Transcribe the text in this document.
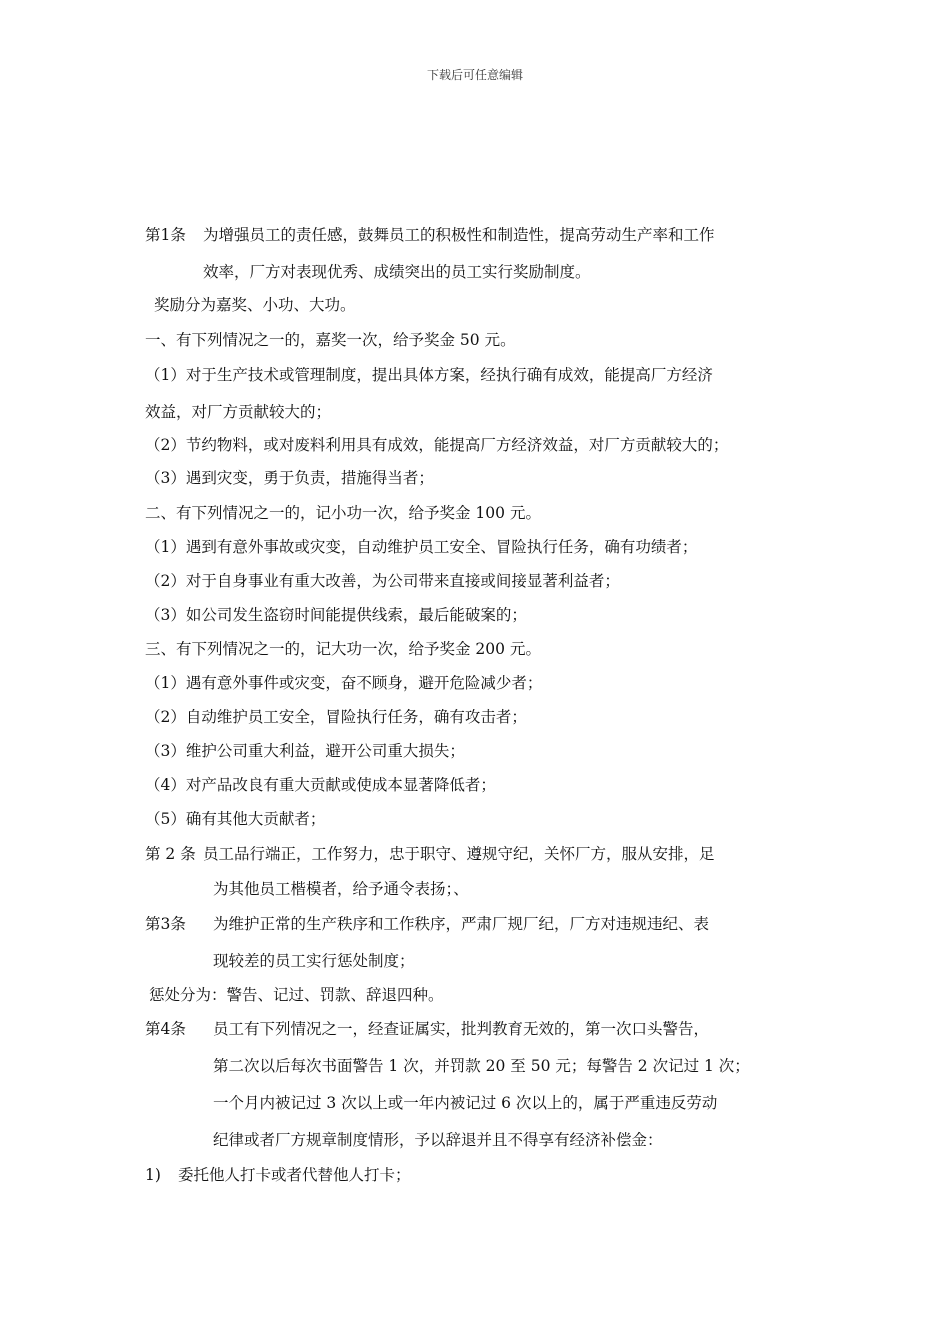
下载后可任意编辑
第1条 为增强员工的责任感，鼓舞员工的积极性和制造性，提高劳动生产率和工作
效率，厂方对表现优秀、成绩突出的员工实行奖励制度。
奖励分为嘉奖、小功、大功。
一、有下列情况之一的，嘉奖一次，给予奖金 50 元。
（1）对于生产技术或管理制度，提出具体方案，经执行确有成效，能提高厂方经济
效益，对厂方贡献较大的；
（2）节约物料，或对废料利用具有成效，能提高厂方经济效益，对厂方贡献较大的；
（3）遇到灾变，勇于负责，措施得当者；
二、有下列情况之一的，记小功一次，给予奖金 100 元。
（1）遇到有意外事故或灾变，自动维护员工安全、冒险执行任务，确有功绩者；
（2）对于自身事业有重大改善，为公司带来直接或间接显著利益者；
（3）如公司发生盗窃时间能提供线索，最后能破案的；
三、有下列情况之一的，记大功一次，给予奖金 200 元。
（1）遇有意外事件或灾变，奋不顾身，避开危险减少者；
（2）自动维护员工安全，冒险执行任务，确有攻击者；
（3）维护公司重大利益，避开公司重大损失；
（4）对产品改良有重大贡献或使成本显著降低者；
（5）确有其他大贡献者；
第 2 条 员工品行端正，工作努力，忠于职守、遵规守纪，关怀厂方，服从安排，足
为其他员工楷模者，给予通令表扬；、
第3条 为维护正常的生产秩序和工作秩序，严肃厂规厂纪，厂方对违规违纪、表
现较差的员工实行惩处制度；
惩处分为：警告、记过、罚款、辞退四种。
第4条 员工有下列情况之一，经查证属实，批判教育无效的，第一次口头警告，
第二次以后每次书面警告 1 次，并罚款 20 至 50 元；每警告 2 次记过 1 次；
一个月内被记过 3 次以上或一年内被记过 6 次以上的，属于严重违反劳动
纪律或者厂方规章制度情形，予以辞退并且不得享有经济补偿金：
1) 委托他人打卡或者代替他人打卡；
